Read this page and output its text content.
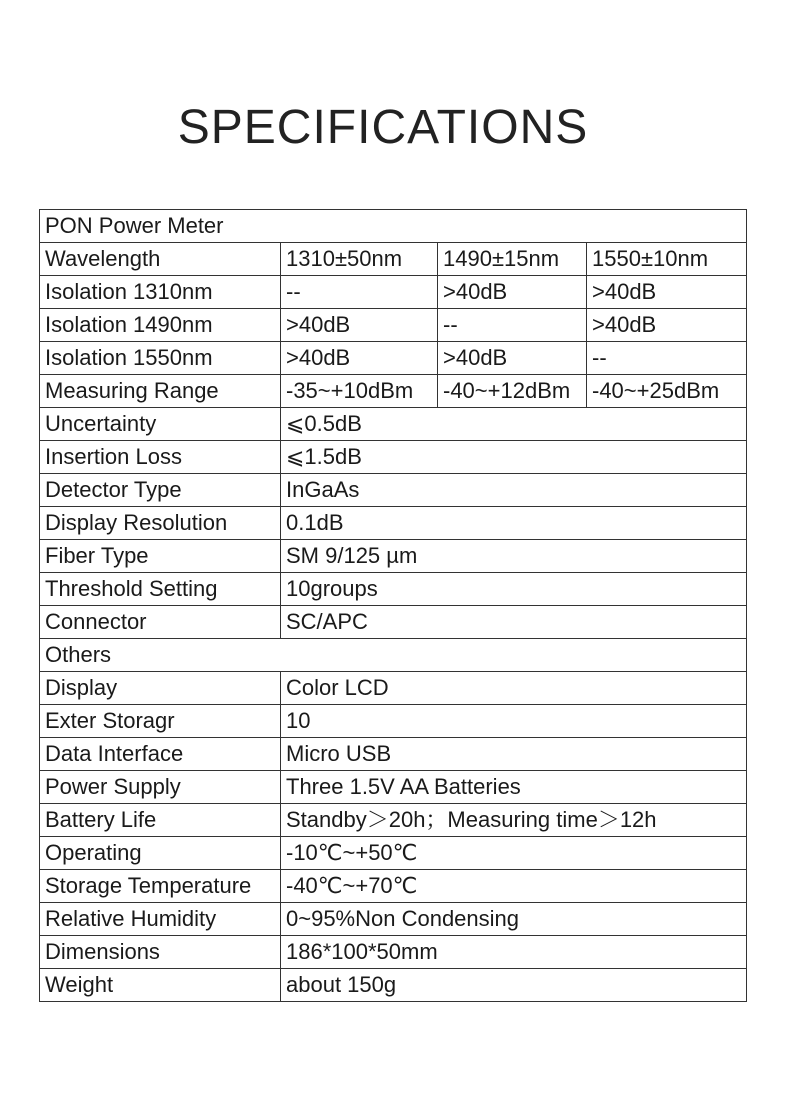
SPECIFICATIONS
PON Power Meter			
Wavelength	1310±50nm	1490±15nm	1550±10nm
Isolation 1310nm	--	>40dB	>40dB
Isolation 1490nm	>40dB	--	>40dB
Isolation 1550nm	>40dB	>40dB	--
Measuring Range	-35~+10dBm	-40~+12dBm	-40~+25dBm
Uncertainty	⩽0.5dB		
Insertion Loss	⩽1.5dB		
Detector Type	InGaAs		
Display Resolution	0.1dB		
Fiber Type	SM 9/125 µm		
Threshold Setting	10groups		
Connector	SC/APC		
Others			
Display	Color LCD		
Exter Storagr	10		
Data Interface	Micro USB		
Power Supply	Three 1.5V AA Batteries		
Battery Life	Standby＞20h；Measuring time＞12h		
Operating	-10℃~+50℃		
Storage Temperature	-40℃~+70℃		
Relative Humidity	0~95%Non Condensing		
Dimensions	186*100*50mm		
Weight	about 150g		
